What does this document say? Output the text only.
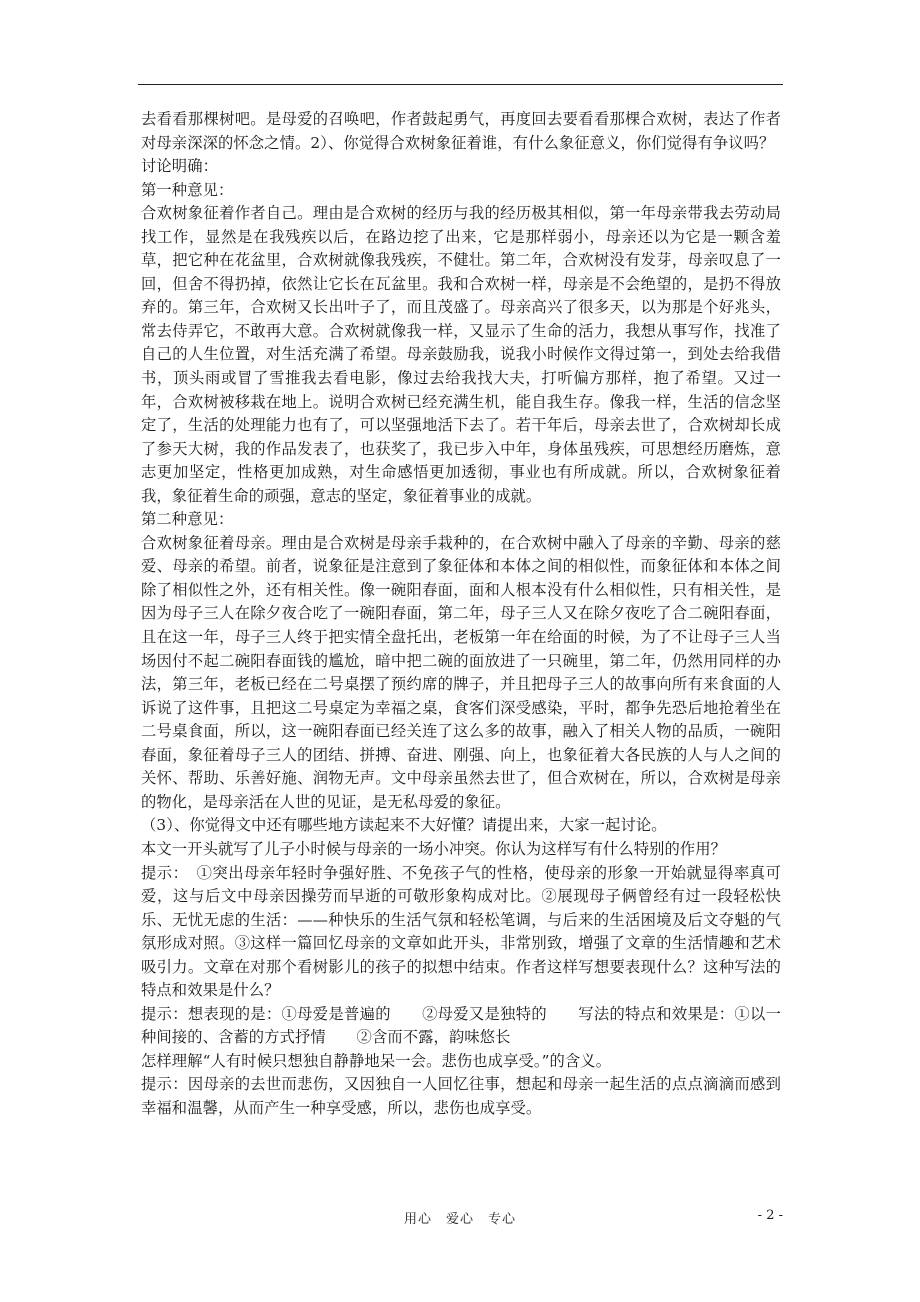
去看看那棵树吧。是母爱的召唤吧，作者鼓起勇气，再度回去要看看那棵合欢树，表达了作者对母亲深深的怀念之情。2）、你觉得合欢树象征着谁，有什么象征意义，你们觉得有争议吗？

讨论明确：

第一种意见：

合欢树象征着作者自己。理由是合欢树的经历与我的经历极其相似，第一年母亲带我去劳动局找工作，显然是在我残疾以后，在路边挖了出来，它是那样弱小，母亲还以为它是一颗含羞草，把它种在花盆里，合欢树就像我残疾，不健壮。第二年，合欢树没有发芽，母亲叹息了一回，但舍不得扔掉，依然让它长在瓦盆里。我和合欢树一样，母亲是不会绝望的，是扔不得放弃的。第三年，合欢树又长出叶子了，而且茂盛了。母亲高兴了很多天，以为那是个好兆头，常去侍弄它，不敢再大意。合欢树就像我一样，又显示了生命的活力，我想从事写作，找准了自己的人生位置，对生活充满了希望。母亲鼓励我，说我小时候作文得过第一，到处去给我借书，顶头雨或冒了雪推我去看电影，像过去给我找大夫，打听偏方那样，抱了希望。又过一年，合欢树被移栽在地上。说明合欢树已经充满生机，能自我生存。像我一样，生活的信念坚定了，生活的处理能力也有了，可以坚强地活下去了。若干年后，母亲去世了，合欢树却长成了参天大树，我的作品发表了，也获奖了，我已步入中年，身体虽残疾，可思想经历磨炼，意志更加坚定，性格更加成熟，对生命感悟更加透彻，事业也有所成就。所以，合欢树象征着我，象征着生命的顽强，意志的坚定，象征着事业的成就。

第二种意见：

合欢树象征着母亲。理由是合欢树是母亲手栽种的，在合欢树中融入了母亲的辛勤、母亲的慈爱、母亲的希望。前者，说象征是注意到了象征体和本体之间的相似性，而象征体和本体之间除了相似性之外，还有相关性。像一碗阳春面，面和人根本没有什么相似性，只有相关性，是因为母子三人在除夕夜合吃了一碗阳春面，第二年，母子三人又在除夕夜吃了合二碗阳春面，且在这一年，母子三人终于把实情全盘托出，老板第一年在给面的时候，为了不让母子三人当场因付不起二碗阳春面钱的尴尬，暗中把二碗的面放进了一只碗里，第二年，仍然用同样的办法，第三年，老板已经在二号桌摆了预约席的牌子，并且把母子三人的故事向所有来食面的人诉说了这件事，且把这二号桌定为幸福之桌，食客们深受感染，平时，都争先恐后地抢着坐在二号桌食面，所以，这一碗阳春面已经关连了这么多的故事，融入了相关人物的品质，一碗阳春面，象征着母子三人的团结、拼搏、奋进、刚强、向上，也象征着大各民族的人与人之间的关怀、帮助、乐善好施、润物无声。文中母亲虽然去世了，但合欢树在，所以，合欢树是母亲的物化，是母亲活在人世的见证，是无私母爱的象征。

（3）、你觉得文中还有哪些地方读起来不大好懂？请提出来，大家一起讨论。

本文一开头就写了儿子小时候与母亲的一场小冲突。你认为这样写有什么特别的作用？

提示：　①突出母亲年轻时争强好胜、不免孩子气的性格，使母亲的形象一开始就显得率真可爱，这与后文中母亲因操劳而早逝的可敬形象构成对比。②展现母子俩曾经有过一段轻松快乐、无忧无虑的生活：——种快乐的生活气氛和轻松笔调，与后来的生活困境及后文夺魁的气氛形成对照。③这样一篇回忆母亲的文章如此开头，非常别致，增强了文章的生活情趣和艺术吸引力。文章在对那个看树影儿的孩子的拟想中结束。作者这样写想要表现什么？这种写法的特点和效果是什么？

提示：想表现的是：①母爱是普遍的　　②母爱又是独特的　　写法的特点和效果是：①以一种间接的、含蓄的方式抒情　　②含而不露，韵味悠长

怎样理解“人有时候只想独自静静地呆一会。悲伤也成享受。”的含义。

提示：因母亲的去世而悲伤，又因独自一人回忆往事，想起和母亲一起生活的点点滴滴而感到幸福和温馨，从而产生一种享受感，所以，悲伤也成享受。

用心　爱心　专心	- 2 -
